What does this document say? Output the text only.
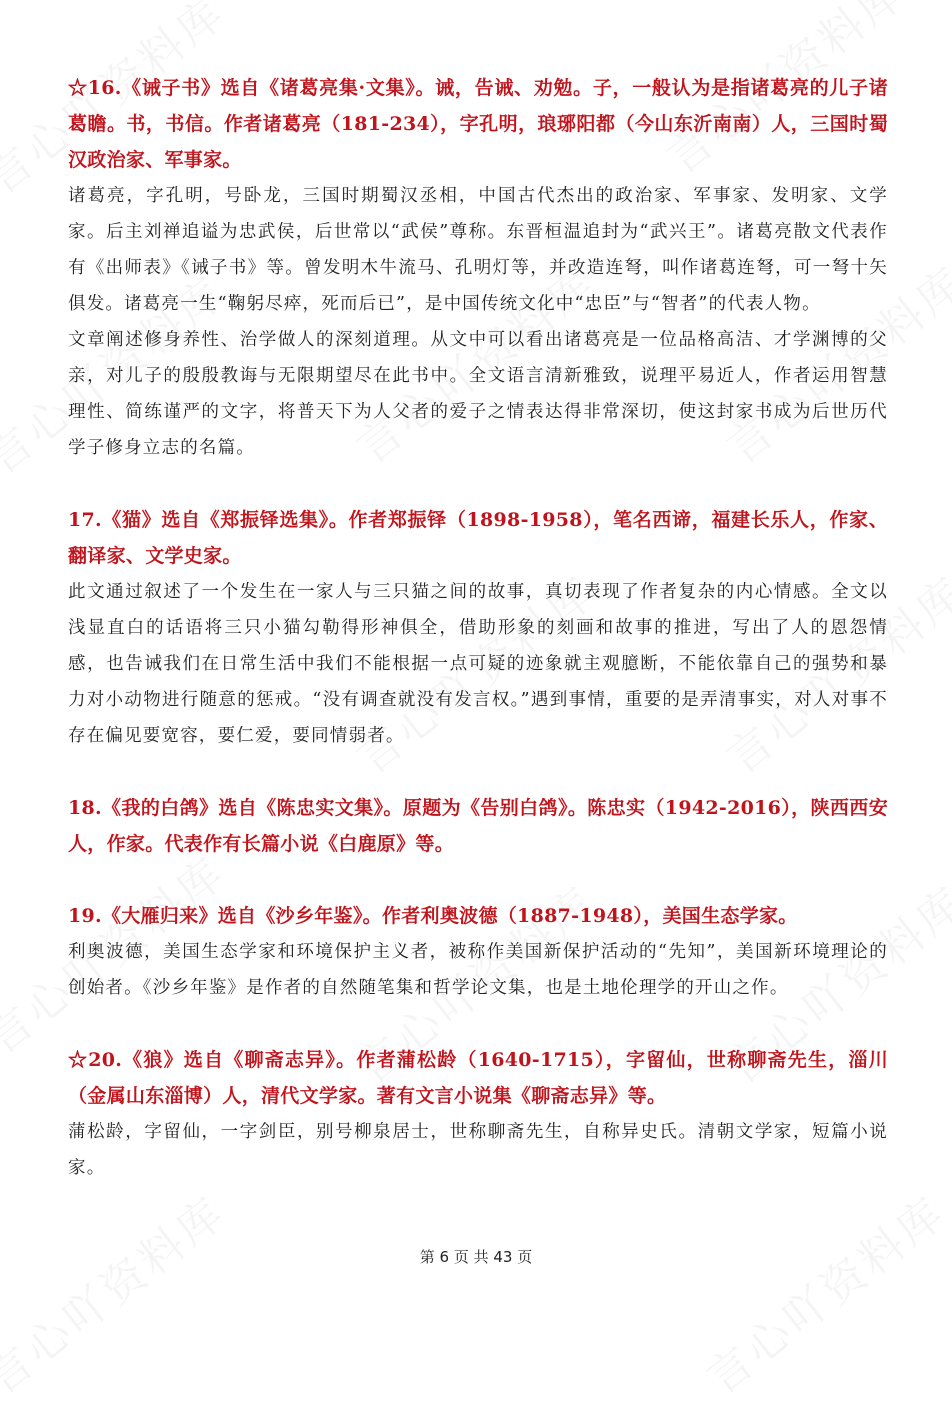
☆16.《诫子书》选自《诸葛亮集·文集》。诫，告诫、劝勉。子，一般认为是指诸葛亮的儿子诸葛瞻。书，书信。作者诸葛亮（181-234），字孔明，琅琊阳都（今山东沂南南）人，三国时蜀汉政治家、军事家。

诸葛亮，字孔明，号卧龙，三国时期蜀汉丞相，中国古代杰出的政治家、军事家、发明家、文学家。后主刘禅追谥为忠武侯，后世常以“武侯”尊称。东晋桓温追封为“武兴王”。诸葛亮散文代表作有《出师表》《诫子书》等。曾发明木牛流马、孔明灯等，并改造连弩，叫作诸葛连弩，可一弩十矢俱发。诸葛亮一生“鞠躬尽瘁，死而后已”，是中国传统文化中“忠臣”与“智者”的代表人物。

文章阐述修身养性、治学做人的深刻道理。从文中可以看出诸葛亮是一位品格高洁、才学渊博的父亲，对儿子的殷殷教诲与无限期望尽在此书中。全文语言清新雅致，说理平易近人，作者运用智慧理性、简练谨严的文字，将普天下为人父者的爱子之情表达得非常深切，使这封家书成为后世历代学子修身立志的名篇。

17.《猫》选自《郑振铎选集》。作者郑振铎（1898-1958），笔名西谛，福建长乐人，作家、翻译家、文学史家。

此文通过叙述了一个发生在一家人与三只猫之间的故事，真切表现了作者复杂的内心情感。全文以浅显直白的话语将三只小猫勾勒得形神俱全，借助形象的刻画和故事的推进，写出了人的恩怨情感，也告诫我们在日常生活中我们不能根据一点可疑的迹象就主观臆断，不能依靠自己的强势和暴力对小动物进行随意的惩戒。“没有调查就没有发言权。”遇到事情，重要的是弄清事实，对人对事不存在偏见要宽容，要仁爱，要同情弱者。

18.《我的白鸽》选自《陈忠实文集》。原题为《告别白鸽》。陈忠实（1942-2016），陕西西安人，作家。代表作有长篇小说《白鹿原》等。

19.《大雁归来》选自《沙乡年鉴》。作者利奥波德（1887-1948），美国生态学家。

利奥波德，美国生态学家和环境保护主义者，被称作美国新保护活动的“先知”，美国新环境理论的创始者。《沙乡年鉴》是作者的自然随笔集和哲学论文集，也是土地伦理学的开山之作。

☆20.《狼》选自《聊斋志异》。作者蒲松龄（1640-1715），字留仙，世称聊斋先生，淄川（金属山东淄博）人，清代文学家。著有文言小说集《聊斋志异》等。

蒲松龄，字留仙，一字剑臣，别号柳泉居士，世称聊斋先生，自称异史氏。清朝文学家，短篇小说家。

第 6 页 共 43 页
